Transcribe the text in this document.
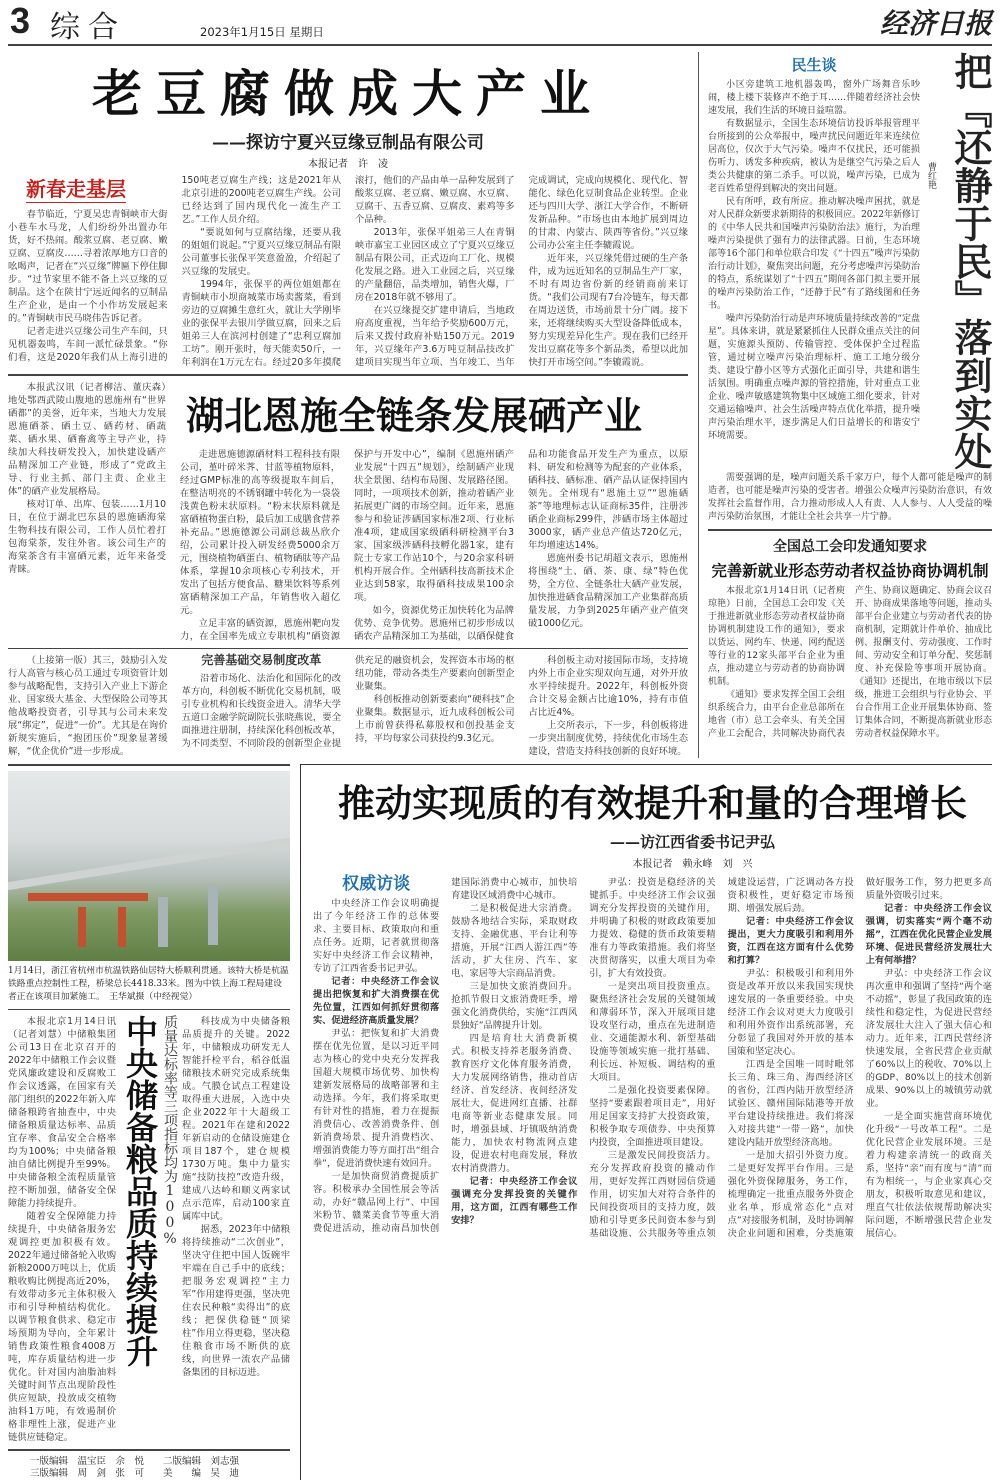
3 综合	2023年1月15日 星期日	经济日报
老豆腐做成大产业
——探访宁夏兴豆缘豆制品有限公司
本报记者　许　凌
新春走基层

春节临近，宁夏吴忠青铜峡市大街小巷车水马龙，人们纷纷外出置办年货，好不热闹。酸浆豆腐、老豆腐、嫩豆腐、豆腐皮……寻着浓厚地方口音的吆喝声，记者在“兴豆缘”牌匾下停住脚步。“过节家里不能不备上兴豆缘的豆制品。这个在陕甘宁远近闻名的豆制品生产企业，是由一个小作坊发展起来的。”青铜峡市民马晓伟告诉记者。

记者走进兴豆缘公司生产车间，只见机器轰鸣，车间一派忙碌景象。“你们看，这是2020年我们从上海引进的150吨老豆腐生产线；这是2021年从北京引进的200吨老豆腐生产线。公司已经达到了国内现代化一流生产工艺。”工作人员介绍。

“要说如何与豆腐结缘，还要从我的姐姐们说起。”宁夏兴豆缘豆制品有限公司董事长张保平笑意盈盈，介绍起了兴豆缘的发展史。

1994年，张保平的两位姐姐都在青铜峡市小坝商城菜市场卖酱菜，看到旁边的豆腐摊生意红火，就让大学刚毕业的张保平去银川学做豆腐，回来之后姐弟三人在滨河村创建了“忠利豆腐加工坊”。刚开张时，每天能卖50斤，一年利润在1万元左右。经过20多年摸爬滚打，他们的产品由单一品种发展到了酸浆豆腐、老豆腐、嫩豆腐、水豆腐、豆腐干、五香豆腐、豆腐皮、素鸡等多个品种。

2013年，张保平姐弟三人在青铜峡市嘉宝工业园区成立了宁夏兴豆缘豆制品有限公司，正式迈向工厂化、规模化发展之路。进入工业园之后，兴豆缘的产量翻倍，品类增加，销售火爆，厂房在2018年就不够用了。

在兴豆缘提交扩建申请后，当地政府高度重视，当年给予奖励600万元，后来又拨付政府补贴150万元。2019年，兴豆缘年产3.6万吨豆制品技改扩建项目实现当年立项、当年竣工、当年完成调试，完成向规模化、现代化、智能化、绿色化豆制食品企业转型。企业还与四川大学、浙江大学合作，不断研发新品种。“市场也由本地扩展到周边的甘肃、内蒙古、陕西等省份。”兴豆缘公司办公室主任李辘霞说。

近年来，兴豆缘凭借过硬的生产条件，成为远近知名的豆制品生产厂家，不时有周边省份新的经销商前来订货。“我们公司现有7台冷链车，每天都在周边送货，市场前景十分广阔。接下来，还将继续购买大型设备降低成本，努力实现差异化生产。现在我们已经开发出豆腐花等多个新品类，希望以此加快打开市场空间。”李辘霞说。

本报武汉讯（记者柳洁、董庆森）地处鄂西武陵山腹地的恩施州有“世界硒都”的美誉，近年来，当地大力发展恩施硒茶、硒土豆、硒药材、硒蔬菜、硒水果、硒畜禽等主导产业，持续加大科技研发投入，加快建设硒产品精深加工产业链，形成了“党政主导、行业主抓、部门主责、企业主体”的硒产业发展格局。

核对订单、出库、包装……1月10日，在位于湖北巴东县的恩施硒海棠生物科技有限公司，工作人员忙着打包海棠茶，发往外省。该公司生产的海棠茶含有丰富硒元素，近年来备受青睐。

湖北恩施全链条发展硒产业

走进恩施德源硒材料工程科技有限公司，堇叶碎米荠、甘蓝等植物原料，经过GMP标准的高等级提取车间后，在整洁明亮的不锈钢罐中转化为一袋袋浅黄色粉末状原料。“粉末状原料就是富硒植物蛋白粉，最后加工成膳食营养补充品。”恩施德源公司副总裁丛欣介绍，公司累计投入研发经费5000余万元，围绕植物硒蛋白、植物硒肽等产品体系，掌握10余项核心专利技术，开发出了包括方便食品、糖果饮料等系列富硒精深加工产品，年销售收入超亿元。

立足丰富的硒资源，恩施州靶向发力，在全国率先成立专职机构“硒资源保护与开发中心”，编制《恩施州硒产业发展“十四五”规划》，绘制硒产业现状全景图、结构布局图、发展路径图。同时，一项项技术创新，推动着硒产业拓展更广阔的市场空间。近年来，恩施参与和验证涉硒国家标准2项、行业标准4项，建成国家级硒科研检测平台3家、国家级涉硒科技孵化器1家，建有院士专家工作站10个，与20余家科研机构开展合作。全州硒科技高新技术企业达到58家，取得硒科技成果100余项。

如今，资源优势正加快转化为品牌优势、竞争优势。恩施州已初步形成以硒农产品精深加工为基础，以硒保健食品和功能食品开发生产为重点，以原料、研发和检测等为配套的产业体系，硒科技、硒标准、硒产品认证保持国内领先。全州现有“恩施土豆”“恩施硒茶”等地理标志认证商标35件，注册涉硒企业商标299件，涉硒市场主体超过3000家，硒产业总产值达720亿元，年均增速达14%。

恩施州委书记胡超文表示，恩施州将围绕“土、硒、茶、康、绿”特色优势，全方位、全链条壮大硒产业发展，加快推进硒食品精深加工产业集群高质量发展，力争到2025年硒产业产值突破1000亿元。

（上接第一版）其三，鼓励引入发行人高管与核心员工通过专项资管计划参与战略配售，支持引入产业上下游企业、国家级大基金、大型保险公司等其他战略投资者，引导其与公司未来发展“绑定”，促进“一价”。尤其是在询价新规实施后，“抱团压价”现象显著缓解，“优企优价”进一步形成。

完善基础交易制度改革

沿着市场化、法治化和国际化的改革方向，科创板不断优化交易机制，吸引专业机构和长线资金进入。清华大学五道口金融学院副院长张晓燕说，要全面推进注册制，持续深化科创板改革，为不同类型、不同阶段的创新型企业提供充足的融资机会，发挥资本市场的枢纽功能，带动各类生产要素向创新型企业聚集。

科创板推动创新要素向“硬科技”企业聚集。数据显示，近九成科创板公司上市前曾获得私募股权和创投基金支持，平均每家公司获投约9.3亿元。

科创板主动对接国际市场，支持境内外上市企业实现双向互通，对外开放水平持续提升。2022年，科创板外资合计交易金额占比逾10%，持有市值占比近4%。

上交所表示，下一步，科创板将进一步突出制度优势，持续优化市场生态建设，营造支持科技创新的良好环境。

民生谈

小区旁建筑工地机器轰鸣，窗外广场舞音乐吵闹，楼上楼下装修声不绝于耳……伴随着经济社会快速发展，我们生活的环境日益喧嚣。

有数据显示，全国生态环境信访投诉举报管理平台所接到的公众举报中，噪声扰民问题近年来连续位居高位，仅次于大气污染。噪声不仅扰民，还可能损伤听力、诱发多种疾病，被认为是继空气污染之后人类公共健康的第二杀手。可以说，噪声污染，已成为老百姓希望得到解决的突出问题。

民有所呼，政有所应。推动解决噪声困扰，就是对人民群众新要求新期待的积极回应。2022年新修订的《中华人民共和国噪声污染防治法》施行，为治理噪声污染提供了强有力的法律武器。日前，生态环境部等16个部门和单位联合印发《“十四五”噪声污染防治行动计划》，聚焦突出问题，充分考虑噪声污染防治的特点，系统谋划了“十四五”期间各部门拟主要开展的噪声污染防治工作，“还静于民”有了路线图和任务书。

噪声污染防治行动是声环境质量持续改善的“定盘星”。具体来讲，就是紧紧抓住人民群众重点关注的问题，实施源头预防、传输管控、受体保护全过程监管，通过树立噪声污染治理标杆、施工工地分级分类、建设宁静小区等方式强化正面引导，共建和谐生活氛围。明确重点噪声源的管控措施，针对重点工业企业、噪声敏感建筑物集中区域施工细化要求，针对交通运输噪声、社会生活噪声特点优化举措，提升噪声污染治理水平，逐步满足人们日益增长的和谐安宁环境需要。

曹红艳 把『还静于民』落到实处

需要强调的是，噪声问题关系千家万户，每个人都可能是噪声的制造者，也可能是噪声污染的受害者。增强公众噪声污染防治意识，有效发挥社会监督作用，合力推动形成人人有责、人人参与、人人受益的噪声污染防治氛围，才能让全社会共享一片宁静。

全国总工会印发通知要求
完善新就业形态劳动者权益协商协调机制

本报北京1月14日讯（记者庾琼艳）日前，全国总工会印发《关于推进新就业形态劳动者权益协商协调机制建设工作的通知》，要求以货运、网约车、快递、网约配送等行业的12家头部平台企业为重点，推动建立与劳动者的协商协调机制。

《通知》要求发挥全国工会组织系统合力，由平台企业总部所在地省（市）总工会牵头、有关全国产业工会配合，共同解决协商代表产生、协商议题确定、协商会议召开、协商成果落地等问题，推动头部平台企业建立与劳动者代表的协商机制，定期就计件单价、抽成比例、报酬支付、劳动强度、工作时间、劳动安全和订单分配、奖惩制度、补充保险等事项开展协商。《通知》还提出，在地市级以下层级，推进工会组织与行业协会、平台合作用工企业开展集体协商、签订集体合同，不断提高新就业形态劳动者权益保障水平。

1月14日，浙江省杭州市杭温铁路仙居特大桥顺利贯通。该特大桥是杭温铁路重点控制性工程，桥梁总长4418.33米。图为中铁上海工程局建设者正在该项目加紧施工。　 王华斌摄（中经视觉）

本报北京1月14日讯（记者刘慧）中储粮集团公司13日在北京召开的2022年中储粮工作会议暨党风廉政建设和反腐败工作会议透露，在国家有关部门组织的2022年新入库储备粮跨省抽查中，中央储备粮质量达标率、品质宜存率、食品安全合格率均为100%；中央储备粮油自储比例提升至99%。中央储备粮全流程质量管控不断加强，储备安全保障能力持续提升。

随着安全保障能力持续提升，中央储备服务宏观调控更加积极有效。2022年通过储备轮入收购新粮2000万吨以上，优质粮收购比例提高近20%，有效带动多元主体积极入市和引导种植结构优化。以调节粮食供求、稳定市场预期为导向，全年累计销售政策性粮食4008万吨，库存质量结构进一步优化。针对国内油脂油料关键时间节点出现阶段性供应短缺，投放成交植物油料1万吨，有效遏制价格非理性上涨，促进产业链供应链稳定。

中央储备粮品质持续提升 质量达标率等三项指标均为100%	科技成为中央储备粮品质提升的关键。2022年，中储粮成功研发无人智能扦检平台，稻谷低温储粮技术研究完成系统集成。气膜仓试点工程建设取得重大进展，入选中央企业2022年十大超级工程。2021年在建和2022年新启动的仓储设施建仓项目187个，建仓规模1730万吨。集中力量实施“技防技控”改造升级，建成八达岭和顺义两家试点示范库，启动100家直属库中试。

据悉，2023年中储粮将持续推动“二次创业”，坚决守住把中国人饭碗牢牢端在自己手中的底线；把服务宏观调控“主力军”作用建得更强，坚决兜住农民种粮“卖得出”的底线；把保供稳链“顶梁柱”作用立得更稳，坚决稳住粮食市场不断供的底线，向世界一流农产品储备集团的目标迈进。

一版编辑　温宝臣　佘　悦　　二版编辑　刘志强
三版编辑　周　剑　张　可　　美　　编　吴　迪
推动实现质的有效提升和量的合理增长
——访江西省委书记尹弘
本报记者　赖永峰　刘　兴
权威访谈

中央经济工作会议明确提出了今年经济工作的总体要求、主要目标、政策取向和重点任务。近期，记者就贯彻落实好中央经济工作会议精神，专访了江西省委书记尹弘。

记者：中央经济工作会议提出把恢复和扩大消费摆在优先位置，江西如何抓好贯彻落实、促进经济高质量发展？

尹弘：把恢复和扩大消费摆在优先位置，是以习近平同志为核心的党中央充分发挥我国超大规模市场优势、加快构建新发展格局的战略部署和主动选择。今年，我们将采取更有针对性的措施，着力在提振消费信心、改善消费条件、创新消费场景、提升消费档次、增强消费能力等方面打出“组合拳”，促进消费快速有效回升。

一是加快商贸消费提质扩容。积极承办全国性展会等活动，办好“赣品网上行”、中国米粉节、赣菜美食节等重大消费促进活动，推动南昌加快创建国际消费中心城市，加快培育建设区域消费中心城市。

二是积极促进大宗消费。鼓励各地结合实际，采取财政支持、金融优惠、平台让利等措施，开展“江西人游江西”等活动，扩大住房、汽车、家电、家居等大宗商品消费。

三是加快文旅消费回升。抢抓节假日文旅消费旺季，增强文化消费供给，实施“江西风景独好”品牌提升计划。

四是培育壮大消费新模式。积极支持养老服务消费、教育医疗文化体育服务消费，大力发展网络销售，推动首店经济、首发经济、夜间经济发展壮大，促进网红直播、社群电商等新业态健康发展。同时，增强县域、圩镇吸纳消费能力，加快农村物流网点建设，促进农村电商发展，释放农村消费潜力。

记者：中央经济工作会议强调充分发挥投资的关键作用，这方面，江西有哪些工作安排？

尹弘：投资是稳经济的关键抓手。中央经济工作会议强调充分发挥投资的关键作用，并明确了积极的财政政策要加力提效、稳健的货币政策要精准有力等政策措施。我们将坚决贯彻落实，以重大项目为牵引，扩大有效投资。

一是突出项目投资重点。聚焦经济社会发展的关键领域和薄弱环节，深入开展项目建设攻坚行动，重点在先进制造业、交通能源水利、新型基础设施等领域实施一批打基础、利长远、补短板、调结构的重大项目。

二是强化投资要素保障。坚持“要素跟着项目走”，用好用足国家支持扩大投资政策，积极争取专项债券、中央预算内投资，全面推进项目建设。

三是激发民间投资活力。充分发挥政府投资的撬动作用，更好发挥江西财园信贷通作用，切实加大对符合条件的民间投资项目的支持力度，鼓励和引导更多民间资本参与到基础设施、公共服务等重点领域建设运营，广泛调动各方投资积极性，更好稳定市场预期、增强发展后劲。

记者：中央经济工作会议提出，更大力度吸引和利用外资，江西在这方面有什么优势和打算？

尹弘：积极吸引和利用外资是改革开放以来我国实现快速发展的一条重要经验。中央经济工作会议对更大力度吸引和利用外资作出系统部署，充分彰显了我国对外开放的基本国策和坚定决心。

江西是全国唯一同时毗邻长三角、珠三角、海西经济区的省份，江西内陆开放型经济试验区、赣州国际陆港等开放平台建设持续推进。我们将深入对接共建“一带一路”，加快建设内陆开放型经济高地。

一是加大招引外资力度。二是更好发挥平台作用。三是强化外资保障服务，务工作，梳理确定一批重点服务外资企业名单，形成常态化“点对点”对接服务机制，及时协调解决企业问题和困难，分类施策做好服务工作，努力把更多高质量外资吸引过来。

记者：中央经济工作会议强调，切实落实“两个毫不动摇”，江西在优化民营企业发展环境、促进民营经济发展壮大上有何举措？

尹弘：中央经济工作会议再次重申和强调了坚持“两个毫不动摇”，彰显了我国政策的连续性和稳定性，为促进民营经济发展壮大注入了强大信心和动力。近年来，江西民营经济快速发展，全省民营企业贡献了60%以上的税收、70%以上的GDP、80%以上的技术创新成果、90%以上的城镇劳动就业。

一是全面实施营商环境优化升级“一号改革工程”。二是优化民营企业发展环境。三是着力构建亲清统一的政商关系，坚持“亲”而有度与“清”而有为相统一，与企业家真心交朋友，积极听取意见和建议，理直气壮依法依规帮助解决实际问题，不断增强民营企业发展信心。
